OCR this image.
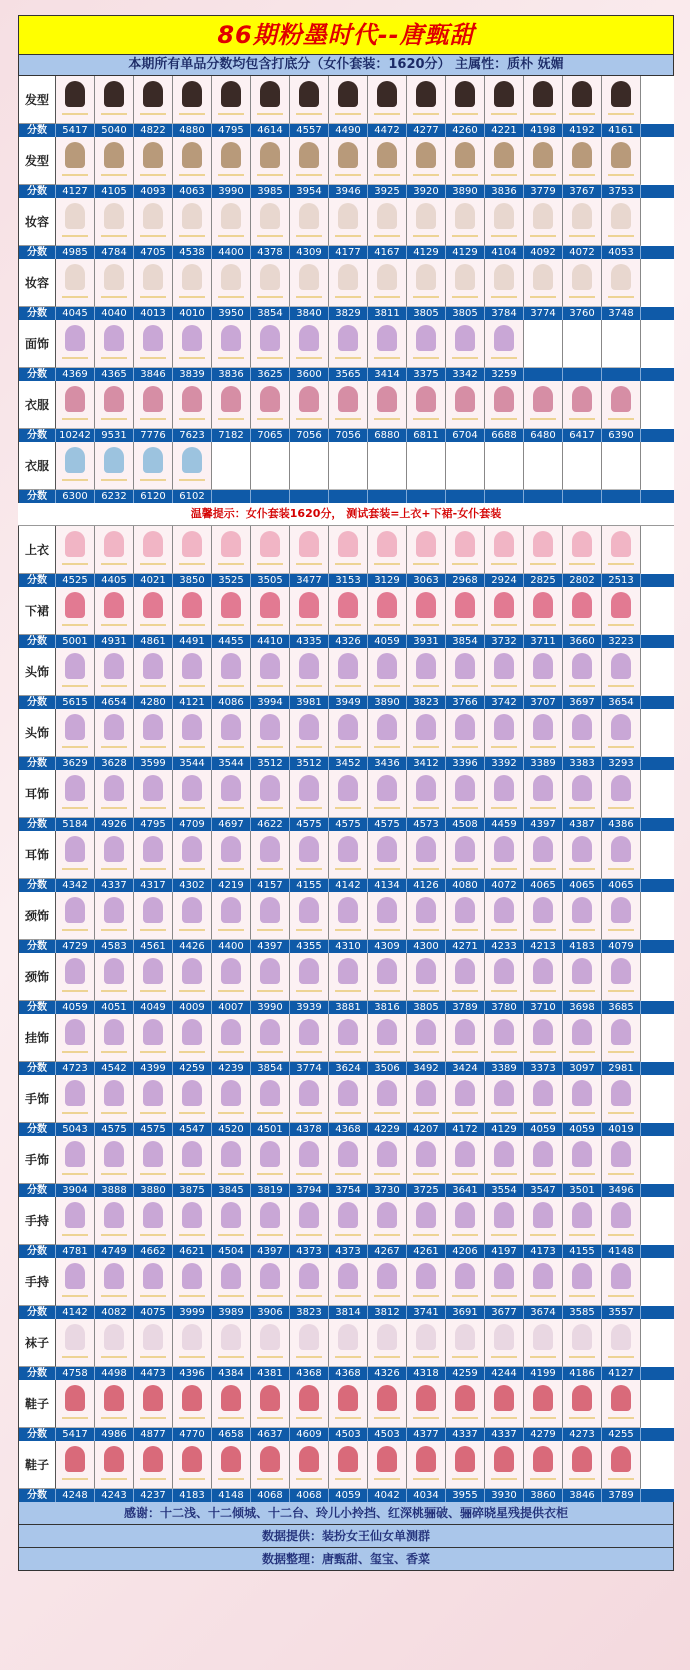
86期粉墨时代--唐甄甜
本期所有单品分数均包含打底分（女仆套装：1620分） 主属性：质朴 妩媚
发型
分数	5417	5040	4822	4880	4795	4614	4557	4490	4472	4277	4260	4221	4198	4192	4161
发型
分数	4127	4105	4093	4063	3990	3985	3954	3946	3925	3920	3890	3836	3779	3767	3753
妆容
分数	4985	4784	4705	4538	4400	4378	4309	4177	4167	4129	4129	4104	4092	4072	4053
妆容
分数	4045	4040	4013	4010	3950	3854	3840	3829	3811	3805	3805	3784	3774	3760	3748
面饰
分数	4369	4365	3846	3839	3836	3625	3600	3565	3414	3375	3342	3259
衣服
分数	10242	9531	7776	7623	7182	7065	7056	7056	6880	6811	6704	6688	6480	6417	6390
衣服
分数	6300	6232	6120	6102
温馨提示：女仆套装1620分， 测试套装=上衣+下裙-女仆套装
上衣
分数	4525	4405	4021	3850	3525	3505	3477	3153	3129	3063	2968	2924	2825	2802	2513
下裙
分数	5001	4931	4861	4491	4455	4410	4335	4326	4059	3931	3854	3732	3711	3660	3223
头饰
分数	5615	4654	4280	4121	4086	3994	3981	3949	3890	3823	3766	3742	3707	3697	3654
头饰
分数	3629	3628	3599	3544	3544	3512	3512	3452	3436	3412	3396	3392	3389	3383	3293
耳饰
分数	5184	4926	4795	4709	4697	4622	4575	4575	4575	4573	4508	4459	4397	4387	4386
耳饰
分数	4342	4337	4317	4302	4219	4157	4155	4142	4134	4126	4080	4072	4065	4065	4065
颈饰
分数	4729	4583	4561	4426	4400	4397	4355	4310	4309	4300	4271	4233	4213	4183	4079
颈饰
分数	4059	4051	4049	4009	4007	3990	3939	3881	3816	3805	3789	3780	3710	3698	3685
挂饰
分数	4723	4542	4399	4259	4239	3854	3774	3624	3506	3492	3424	3389	3373	3097	2981
手饰
分数	5043	4575	4575	4547	4520	4501	4378	4368	4229	4207	4172	4129	4059	4059	4019
手饰
分数	3904	3888	3880	3875	3845	3819	3794	3754	3730	3725	3641	3554	3547	3501	3496
手持
分数	4781	4749	4662	4621	4504	4397	4373	4373	4267	4261	4206	4197	4173	4155	4148
手持
分数	4142	4082	4075	3999	3989	3906	3823	3814	3812	3741	3691	3677	3674	3585	3557
袜子
分数	4758	4498	4473	4396	4384	4381	4368	4368	4326	4318	4259	4244	4199	4186	4127
鞋子
分数	5417	4986	4877	4770	4658	4637	4609	4503	4503	4377	4337	4337	4279	4273	4255
鞋子
分数	4248	4243	4237	4183	4148	4068	4068	4059	4042	4034	3955	3930	3860	3846	3789
感谢：十二浅、十二倾城、十二台、玲儿小拎挡、红深桃骊破、骊碎晓星残提供衣柜
数据提供：装扮女王仙女单测群
数据整理：唐甄甜、玺宝、香菜
